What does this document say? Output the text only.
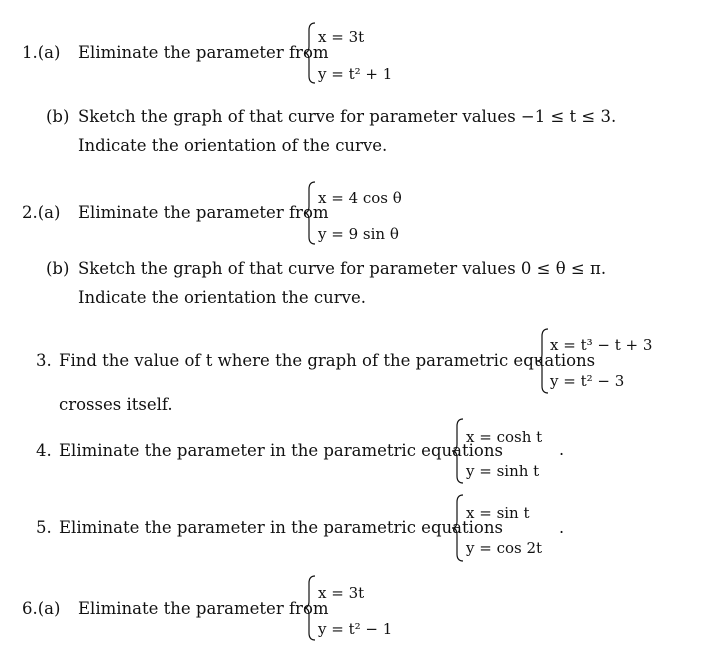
1.(a) Eliminate the parameter from
x = 3t
y = t² + 1
(b) Sketch the graph of that curve for parameter values −1 ≤ t ≤ 3.
Indicate the orientation of the curve.
2.(a) Eliminate the parameter from
x = 4 cos θ
y = 9 sin θ
(b) Sketch the graph of that curve for parameter values 0 ≤ θ ≤ π.
Indicate the orientation the curve.
3. Find the value of t where the graph of the parametric equations
x = t³ − t + 3
y = t² − 3
crosses itself.
4. Eliminate the parameter in the parametric equations
x = cosh t
y = sinh t
.
5. Eliminate the parameter in the parametric equations
x = sin t
y = cos 2t
.
6.(a) Eliminate the parameter from
x = 3t
y = t² − 1
